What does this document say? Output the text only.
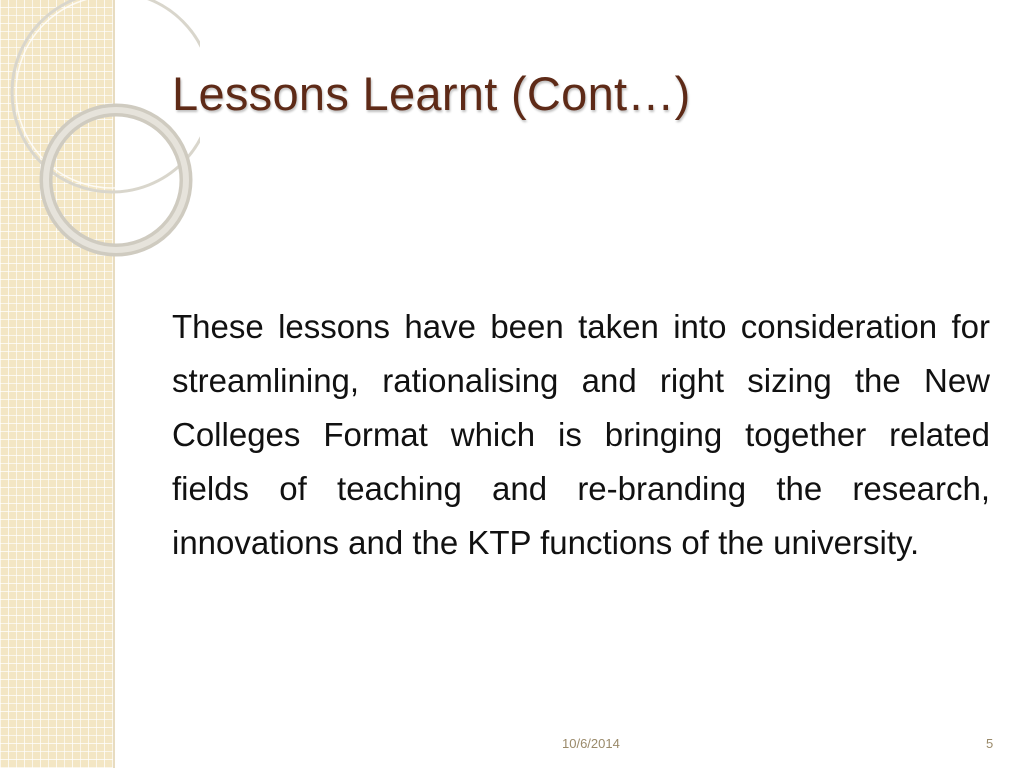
Lessons Learnt (Cont…)

These lessons have been taken into consideration for streamlining, rationalising and right sizing the New Colleges Format which is bringing together related fields of teaching and re-branding the research, innovations and the KTP functions of the university.

10/6/2014	5
